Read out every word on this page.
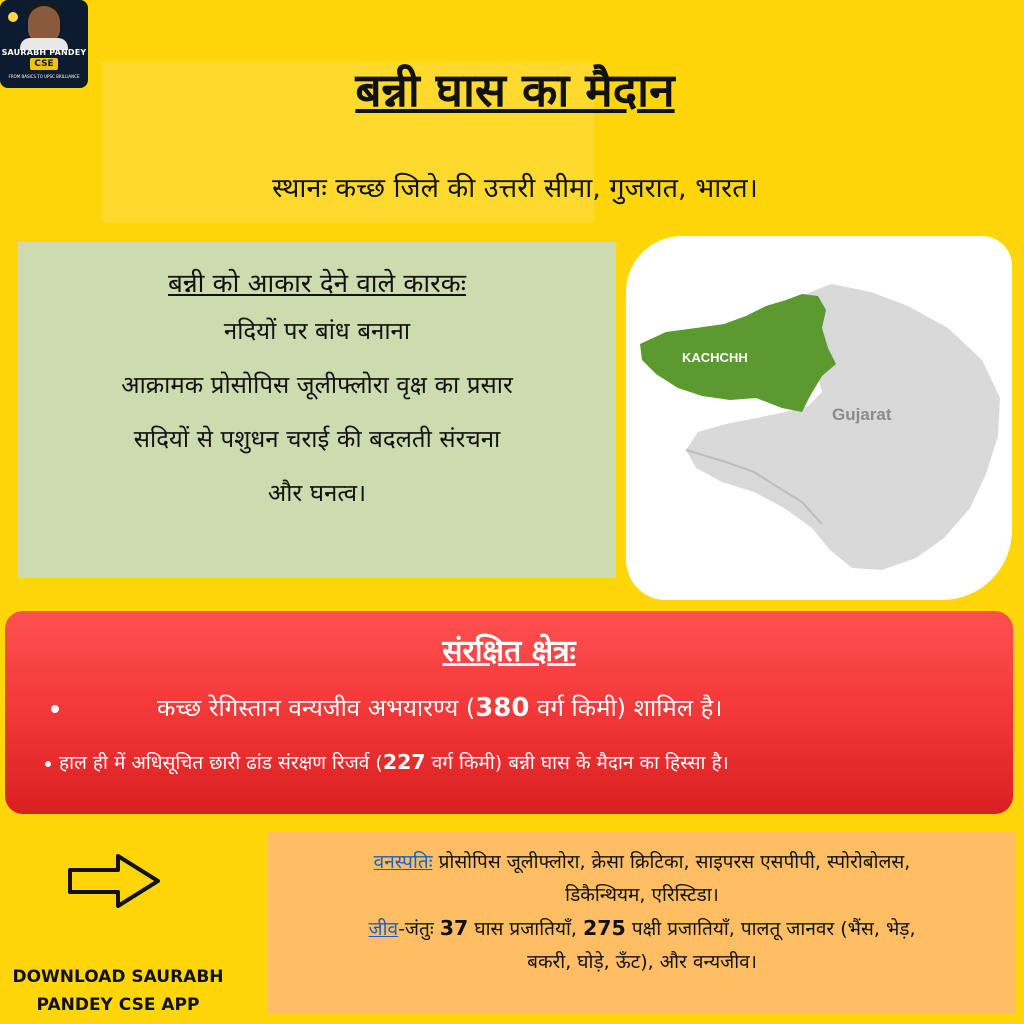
SAURABH PANDEY
CSE
FROM BASICS TO UPSC BRILLIANCE	बन्नी घास का मैदान
स्थानः कच्छ जिले की उत्तरी सीमा, गुजरात, भारत।
बन्नी को आकार देने वाले कारकः
नदियों पर बांध बनाना
आक्रामक प्रोसोपिस जूलीफ्लोरा वृक्ष का प्रसार
सदियों से पशुधन चराई की बदलती संरचना
और घनत्व।
KACHCHH
Gujarat
संरक्षित क्षेत्रः
कच्छ रेगिस्तान वन्यजीव अभयारण्य (380 वर्ग किमी) शामिल है।
हाल ही में अधिसूचित छारी ढांड संरक्षण रिजर्व (227 वर्ग किमी) बन्नी घास के मैदान का हिस्सा है।
DOWNLOAD SAURABH
PANDEY CSE APP
वनस्पतिः प्रोसोपिस जूलीफ्लोरा, क्रेसा क्रिटिका, साइपरस एसपीपी, स्पोरोबोलस,
डिकैन्थियम, एरिस्टिडा।
जीव-जंतुः 37 घास प्रजातियाँ, 275 पक्षी प्रजातियाँ, पालतू जानवर (भैंस, भेड़,
बकरी, घोड़े, ऊँट), और वन्यजीव।
